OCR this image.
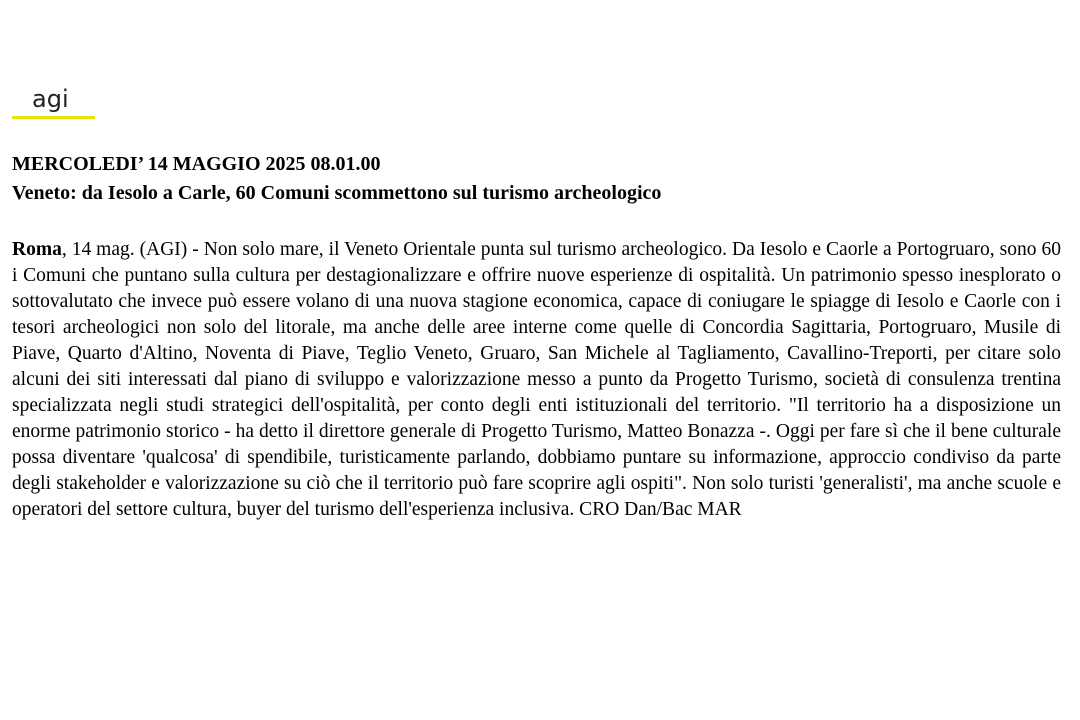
agi
MERCOLEDI’ 14 MAGGIO 2025 08.01.00
Veneto: da Iesolo a Carle, 60 Comuni scommettono sul turismo archeologico

Roma, 14 mag. (AGI) - Non solo mare, il Veneto Orientale punta sul turismo archeologico. Da Iesolo e Caorle a Portogruaro, sono 60 i Comuni che puntano sulla cultura per destagionalizzare e offrire nuove esperienze di ospitalità. Un patrimonio spesso inesplorato o sottovalutato che invece può essere volano di una nuova stagione economica, capace di coniugare le spiagge di Iesolo e Caorle con i tesori archeologici non solo del litorale, ma anche delle aree interne come quelle di Concordia Sagittaria, Portogruaro, Musile di Piave, Quarto d'Altino, Noventa di Piave, Teglio Veneto, Gruaro, San Michele al Tagliamento, Cavallino-Treporti, per citare solo alcuni dei siti interessati dal piano di sviluppo e valorizzazione messo a punto da Progetto Turismo, società di consulenza trentina specializzata negli studi strategici dell'ospitalità, per conto degli enti istituzionali del territorio. "Il territorio ha a disposizione un enorme patrimonio storico - ha detto il direttore generale di Progetto Turismo, Matteo Bonazza -. Oggi per fare sì che il bene culturale possa diventare 'qualcosa' di spendibile, turisticamente parlando, dobbiamo puntare su informazione, approccio condiviso da parte degli stakeholder e valorizzazione su ciò che il territorio può fare scoprire agli ospiti". Non solo turisti 'generalisti', ma anche scuole e operatori del settore cultura, buyer del turismo dell'esperienza inclusiva. CRO Dan/Bac MAR
